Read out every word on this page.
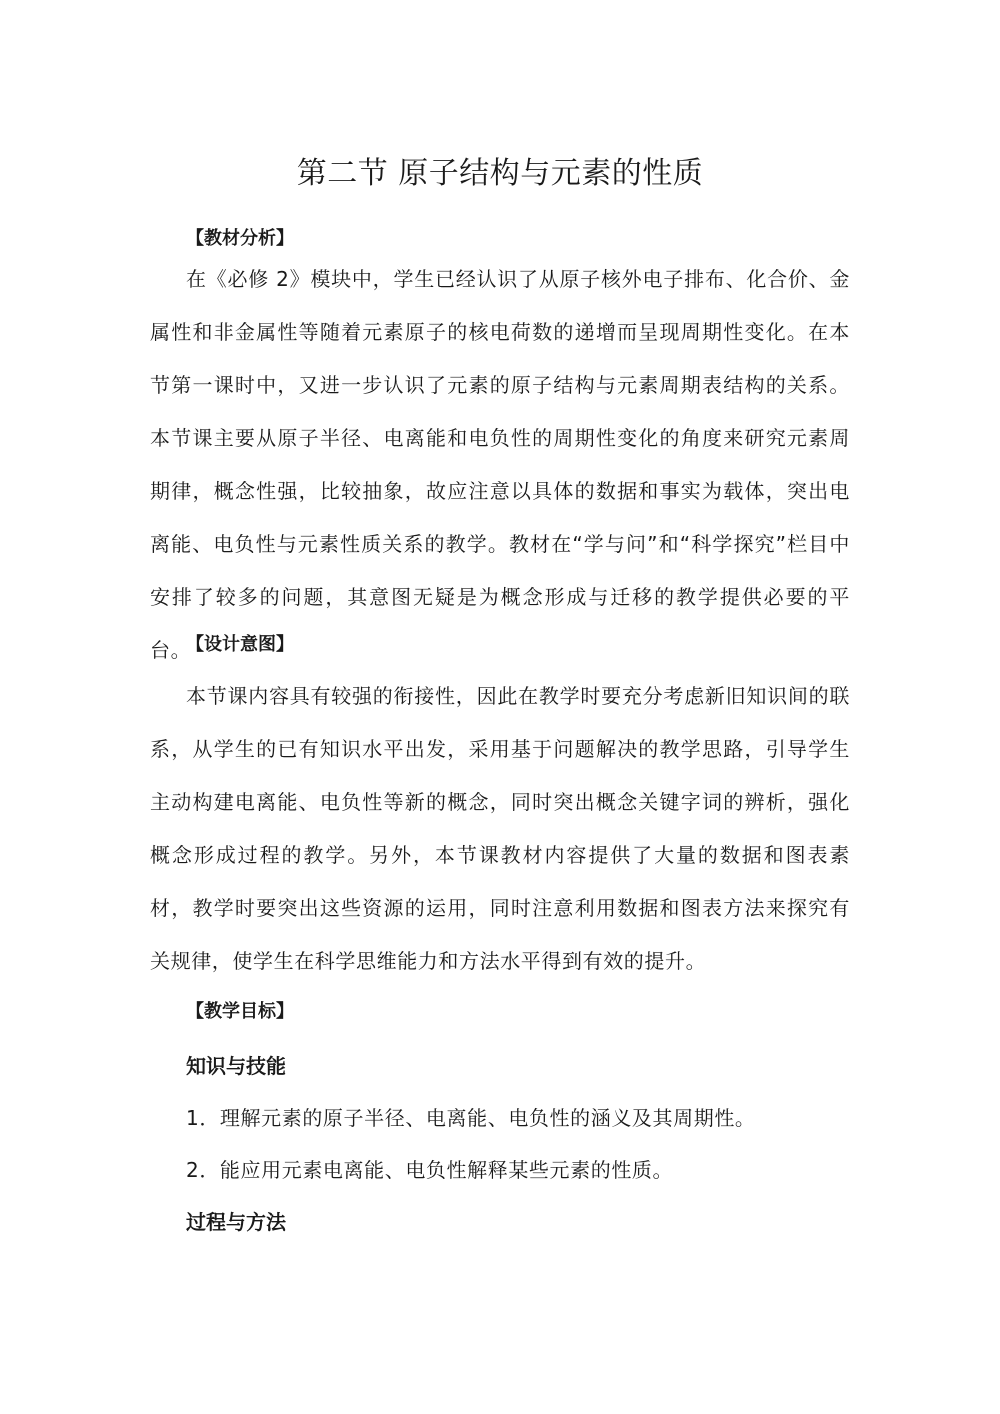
第二节 原子结构与元素的性质
【教材分析】

在《必修 2》模块中，学生已经认识了从原子核外电子排布、化合价、金属性和非金属性等随着元素原子的核电荷数的递增而呈现周期性变化。在本节第一课时中，又进一步认识了元素的原子结构与元素周期表结构的关系。本节课主要从原子半径、电离能和电负性的周期性变化的角度来研究元素周期律，概念性强，比较抽象，故应注意以具体的数据和事实为载体，突出电离能、电负性与元素性质关系的教学。教材在“学与问”和“科学探究”栏目中安排了较多的问题，其意图无疑是为概念形成与迁移的教学提供必要的平台。

【设计意图】

本节课内容具有较强的衔接性，因此在教学时要充分考虑新旧知识间的联系，从学生的已有知识水平出发，采用基于问题解决的教学思路，引导学生主动构建电离能、电负性等新的概念，同时突出概念关键字词的辨析，强化概念形成过程的教学。另外，本节课教材内容提供了大量的数据和图表素材，教学时要突出这些资源的运用，同时注意利用数据和图表方法来探究有关规律，使学生在科学思维能力和方法水平得到有效的提升。

【教学目标】
知识与技能
1．理解元素的原子半径、电离能、电负性的涵义及其周期性。
2．能应用元素电离能、电负性解释某些元素的性质。
过程与方法
